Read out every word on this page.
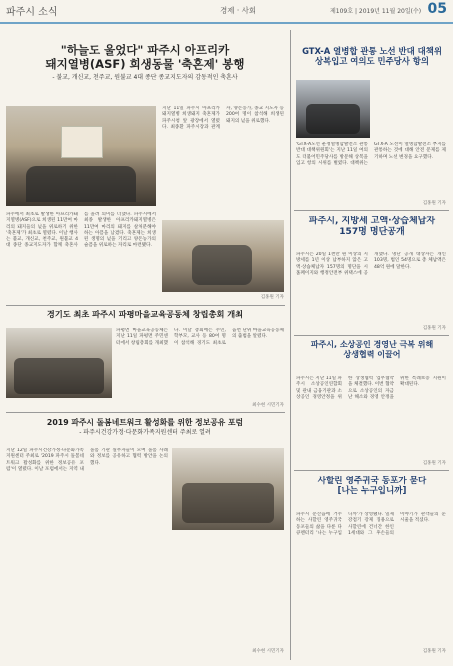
파주시 소식	경제 · 사회	제109호 | 2019년 11월 20일(수) 05
"하늘도 울었다" 파주시 아프리카
돼지열병(ASF) 희생동물 '축혼제' 봉행
- 불교, 개신교, 천주교, 원불교 4대 종단 종교지도자의 감동적인 축혼사
지난 11일 파주시 아프리카 돼지열병 희생돼지 축혼제가 파주시청 앞 광장에서 열렸다. 최종환 파주시장과 관계자, 양돈농가, 종교 지도자 등 200여 명이 참석해 희생된 돼지의 넋을 위로했다.
김홍원 기자
파주에서 최초로 발생한 아프리카돼지열병(ASF)으로 희생된 11만여 마리의 돼지들의 넋을 위로하기 위한 '축혼제'가 최초로 열렸다. 이날 행사는 불교, 개신교, 천주교, 원불교 4대 종단 종교지도자가 함께 축혼사를 올려 의미를 더했다. 파주시에서 최종 발생한 아프리카돼지열병은 11만여 마리의 돼지를 살처분해야 하는 아픔을 남겼다. 축혼제는 희생된 생명의 넋을 기리고 양돈농가의 슬픔을 위로하는 자리로 마련됐다.
GTX-A 열병합 관통 노선 반대 대책위
상복입고 여의도 민주당사 항의
'GTX-A노선 운정열병합발전소 관통반대 대책위원회'는 지난 11일 여의도 더불어민주당사를 방문해 상복을 입고 항의 시위를 벌였다. 대책위는 GTX-A 노선이 열병합발전소 부지를 관통하는 것에 대해 안전 문제를 제기하며 노선 변경을 요구했다.
김홍원 기자
파주시, 지방세 고액·상습체납자
157명 명단공개
파주시는 20일 1천만 원 이상의 지방세를 1년 이상 납부하지 않은 고액·상습체납자 157명의 명단을 시 홈페이지와 행정안전부 위택스에 공개했다. 명단 공개 대상자는 개인 103명, 법인 54명으로 총 체납액은 48억 원에 달한다.
김홍원 기자
경기도 최초 파주시 파평마을교육공동체 창립총회 개최
파평면 마을교육공동체는 지난 11일 파평면 주민센터에서 창립총회를 개최했다. 이날 총회에는 주민, 학부모, 교사 등 80여 명이 참석해 경기도 최초로 읍면 단위 마을교육공동체의 출범을 알렸다.
최수현 시민기자
파주시, 소상공인 경영난 극복 위해
상생협력 이끌어
파주시는 지난 11일 파주시 소상공인연합회 및 관내 금융기관과 소상공인 경영안정을 위한 상생협력 업무협약을 체결했다. 이번 협약으로 소상공인의 자금난 해소와 경영 안정을 위한 특례보증 지원이 확대된다.
김홍원 기자
2019 파주시 돌봄네트워크 활성화를 위한 정보공유 포럼
- 파주시건강가정·다문화가족지원센터 주최로 열려
지난 12일 파주시건강가정·다문화가족지원센터 주최로 '2019 파주시 돌봄네트워크 활성화를 위한 정보공유 포럼'이 열렸다. 이날 포럼에서는 지역 내 돌봄 기관 실무자들이 모여 돌봄 사례와 정보를 공유하고 협력 방안을 논의했다.
최수현 시민기자
사할린 영주귀국 동포가 묻다
[나는 누구입니까]
파주시 문산읍에 거주하는 사할린 영주귀국 동포들의 삶을 다룬 다큐멘터리 '나는 누구입니까'가 상영됐다. 일제강점기 강제 징용으로 사할린에 건너간 한인 1세대와 그 후손들의 이야기가 관객들의 눈시울을 적셨다.
김홍원 기자
